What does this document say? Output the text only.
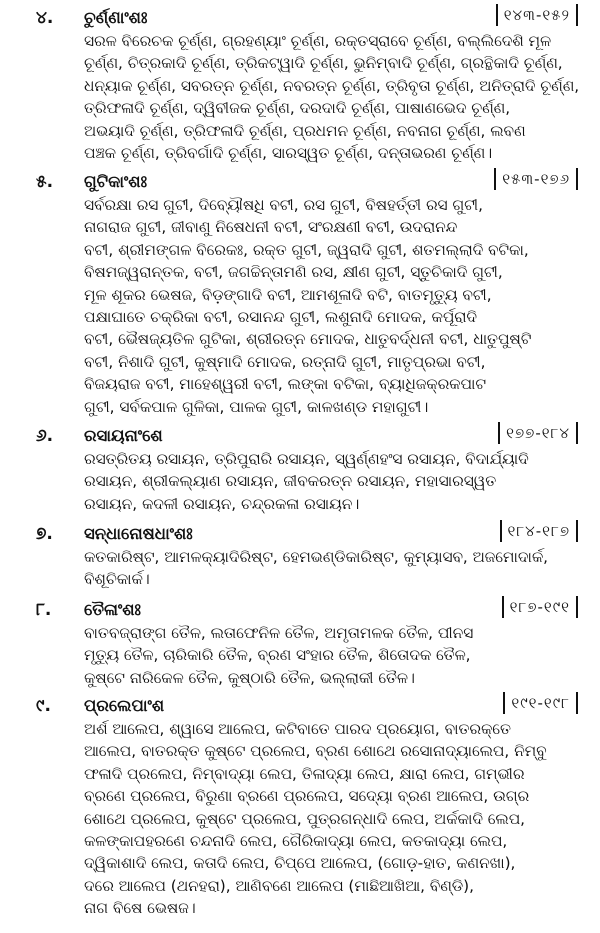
୪. ଚୁର୍ଣ୍ଣାଂଶଃ	୧୪୩-୧୫୨
ସରଳ ବିରେଚକ ଚୂର୍ଣ୍ଣ, ଗ୍ରହଣ୍ୟାଂ ଚୂର୍ଣ୍ଣ, ରକ୍ତସ୍ରାବେ ଚୂର୍ଣ୍ଣ, ବଲ୍ଲିଦେଶି ମୂଳ
ଚୂର୍ଣ୍ଣ, ଚିତ୍ରକାଦି ଚୂର୍ଣ୍ଣ, ତ୍ରିକଟ୍ୱାଦି ଚୂର୍ଣ୍ଣ, ଭୁନିମ୍ବାଦି ଚୂର୍ଣ୍ଣ, ଗ୍ରନ୍ଥିକାଦି ଚୂର୍ଣ୍ଣ,
ଧନ୍ୟାକ ଚୂର୍ଣ୍ଣ, ସବରତ୍ନ ଚୂର୍ଣ୍ଣ, ନବରତ୍ନ ଚୂର୍ଣ୍ଣ, ତ୍ରିବୃତା ଚୂର୍ଣ୍ଣ, ଅନିତ୍ରାଦି ଚୂର୍ଣ୍ଣ,
ତ୍ରିଫଳାଦି ଚୂର୍ଣ୍ଣ, ଦ୍ୱିବୀଜକ ଚୂର୍ଣ୍ଣ, ଦରଦାଦି ଚୂର୍ଣ୍ଣ, ପାଷାଣଭେଦ ଚୂର୍ଣ୍ଣ,
ଅଭୟାଦି ଚୂର୍ଣ୍ଣ, ତ୍ରିଫଳାଦି ଚୂର୍ଣ୍ଣ, ପ୍ରଧମନ ଚୂର୍ଣ୍ଣ, ନବନାଗ ଚୂର୍ଣ୍ଣ, ଲବଣ
ପଞ୍ଚକ ଚୂର୍ଣ୍ଣ, ତ୍ରିବର୍ଗାଦି ଚୂର୍ଣ୍ଣ, ସାରସ୍ୱତ ଚୂର୍ଣ୍ଣ, ଦନ୍ତାଭରଣ ଚୂର୍ଣ୍ଣ।
୫. ଗୁଟିକାଂଶଃ	୧୫୩-୧୭୬
ସର୍ବରକ୍ଷା ରସ ଗୁଟୀ, ଦିବ୍ୟୌଷଧି ବଟୀ, ରସ ଗୁଟୀ, ବିଷହର୍ତ୍ତୀ ରସ ଗୁଟୀ,
ନାଗରାଜ ଗୁଟୀ, ଜୀବାଣୁ ନିଷେଧନୀ ବଟୀ, ସଂରକ୍ଷଣୀ ବଟୀ, ଉଦରାନନ୍ଦ
ବଟୀ, ଶ୍ରୀମଙ୍ଗଳ ବିରେକଃ, ରକ୍ତ ଗୁଟୀ, ଜ୍ୱରାଦି ଗୁଟୀ, ଶତମଲ୍ଲାଦି ବଟିକା,
ବିଷମଜ୍ୱରାନ୍ତକ, ବଟୀ, ଜଗଚ୍ଚିନ୍ତାମଣି ରସ, କ୍ଷୀଣ ଗୁଟୀ, ସ୍ତୁଚିକାଦି ଗୁଟୀ,
ମୂଳ ଶୂକର ଭେଷଜ, ବିଡ଼ଙ୍ଗାଦି ବଟୀ, ଆମଶୂଳାଦି ବଟି, ବାତମୃତ୍ୟୁ ବଟୀ,
ପକ୍ଷାଘାତେ ଚକ୍ରିକା ବଟୀ, ରସାନନ୍ଦ ଗୁଟୀ, ଲଶୁନାଦି ମୋଦକ, କର୍ପୂରାଦି
ବଟୀ, ଭୈଷଜ୍ୟତିଳ ଗୁଟିକା, ଶ୍ରୀରତ୍ନ ମୋଦକ, ଧାତୁବର୍ଦ୍ଧନୀ ବଟୀ, ଧାତୁପୁଷ୍ଟି
ବଟୀ, ନିଶାଦି ଗୁଟୀ, କୁଷ୍ମାଦି ମୋଦକ, ରତ୍ନାଦି ଗୁଟୀ, ମାତୃପ୍ରଭା ବଟୀ,
ବିଜୟରାଜ ବଟୀ, ମାହେଶ୍ୱରୀ ବଟୀ, ଲଙ୍କା ବଟିକା, ବ୍ୟାଧିଜକ୍ରକପାଟ
ଗୁଟୀ, ସର୍ବକପାଳ ଗୁଳିକା, ପାଳକ ଗୁଟୀ, କାଳଖଣ୍ଡ ମହାଗୁଟୀ।
୬. ରସାୟନାଂଶେ	୧୭୭-୧୮୪
ରସତ୍ରିତୟ ରସାୟନ, ତ୍ରିପୁରାରି ରସାୟନ, ସ୍ୱର୍ଣ୍ଣହଂସ ରସାୟନ, ବିଦାର୍ଯ୍ୟାଦି
ରସାୟନ, ଶ୍ରୀକଲ୍ୟାଣ ରସାୟନ, ଜୀବକରତ୍ନ ରସାୟନ, ମହାସାରସ୍ୱତ
ରସାୟନ, କଦଳୀ ରସାୟନ, ଚନ୍ଦ୍ରକଳା ରସାୟନ।
୭. ସନ୍ଧାନୋଷଧାଂଶଃ	୧୮୪-୧୮୭
କତକାରିଷ୍ଟ, ଆମଳକ୍ୟାଦିରିଷ୍ଟ, ହେମଭଣ୍ଡିକାରିଷ୍ଟ, କୁମ୍ୟାସବ, ଅଜମୋଦାର୍କ,
ବିଶୂଚିକାର୍କ।
୮. ତୈଳାଂଶଃ	୧୮୭-୧୯୧
ବାତବଜ୍ରାଙ୍ଗ ତୈଳ, ଲତାଫେନିଳ ତୈଳ, ଅମୃତାମଳକ ତୈଳ, ପୀନସ
ମୃତ୍ୟୁ ତୈଳ, ଚାରିକାରି ତୈଳ, ବ୍ରଣ ସଂହାର ତୈଳ, ଶିତୋଦକ ତୈଳ,
କୁଷ୍ଟେ ନାରିକେଳ ତୈଳ, କୁଷ୍ଠାରି ତୈଳ, ଭଲ୍ଲାକୀ ତୈଳ।
୯. ପ୍ରଲେପାଂଶ	୧୯୧-୧୯୮
ଅର୍ଶ ଆଲେପ, ଶ୍ୱାସେ ଆଲେପ, କଟିବାତେ ପାରଦ ପ୍ରୟୋଗ, ବାତରକ୍ତେ
ଆଲେପ, ବାତରକ୍ତ କୁଷ୍ଟେ ପ୍ରଲେପ, ବ୍ରଣ ଶୋଥେ ରସୋନାଦ୍ୟାଲେପ, ନିମ୍ବୁ
ଫଳାଦି ପ୍ରଲେପ, ନିମ୍ବାଦ୍ୟା ଲେପ, ତିଳାଦ୍ୟା ଲେପ, କ୍ଷାରା ଲେପ, ଗମ୍ଭୀର
ବ୍ରଣେ ପ୍ରଲେପ, ବିରୁଣା ବ୍ରଣେ ପ୍ରଲେପ, ସଦ୍ୟୋ ବ୍ରଣ ଆଲେପ, ଉଗ୍ର
ଶୋଥେ ପ୍ରଲେପ, କୁଷ୍ଟେ ପ୍ରଲେପ, ପୁତ୍ରଗନ୍ଧାଦି ଲେପ, ଅର୍କକାଦି ଲେପ,
କଳଙ୍କାପହରଣେ ଚନ୍ଦନାଦି ଲେପ, ଗୈରିକାଦ୍ୟା ଲେପ, କତକାଦ୍ୟା ଲେପ,
ଦ୍ୱିକାଶାଦି ଲେପ, କତାଦି ଲେପ, ଚିପ୍ପେ ଆଲେପ, (ଗୋଡ଼-ହାତ, କଣନଖା),
ଦରେ ଆଲେପ (ଥନହରା), ଆଣିବଣେ ଆଲେପ (ମାଛିଆଖିଆ, ବିଣ୍ଡି),
ନାଗ ବିଷେ ଭେଷଜ।
